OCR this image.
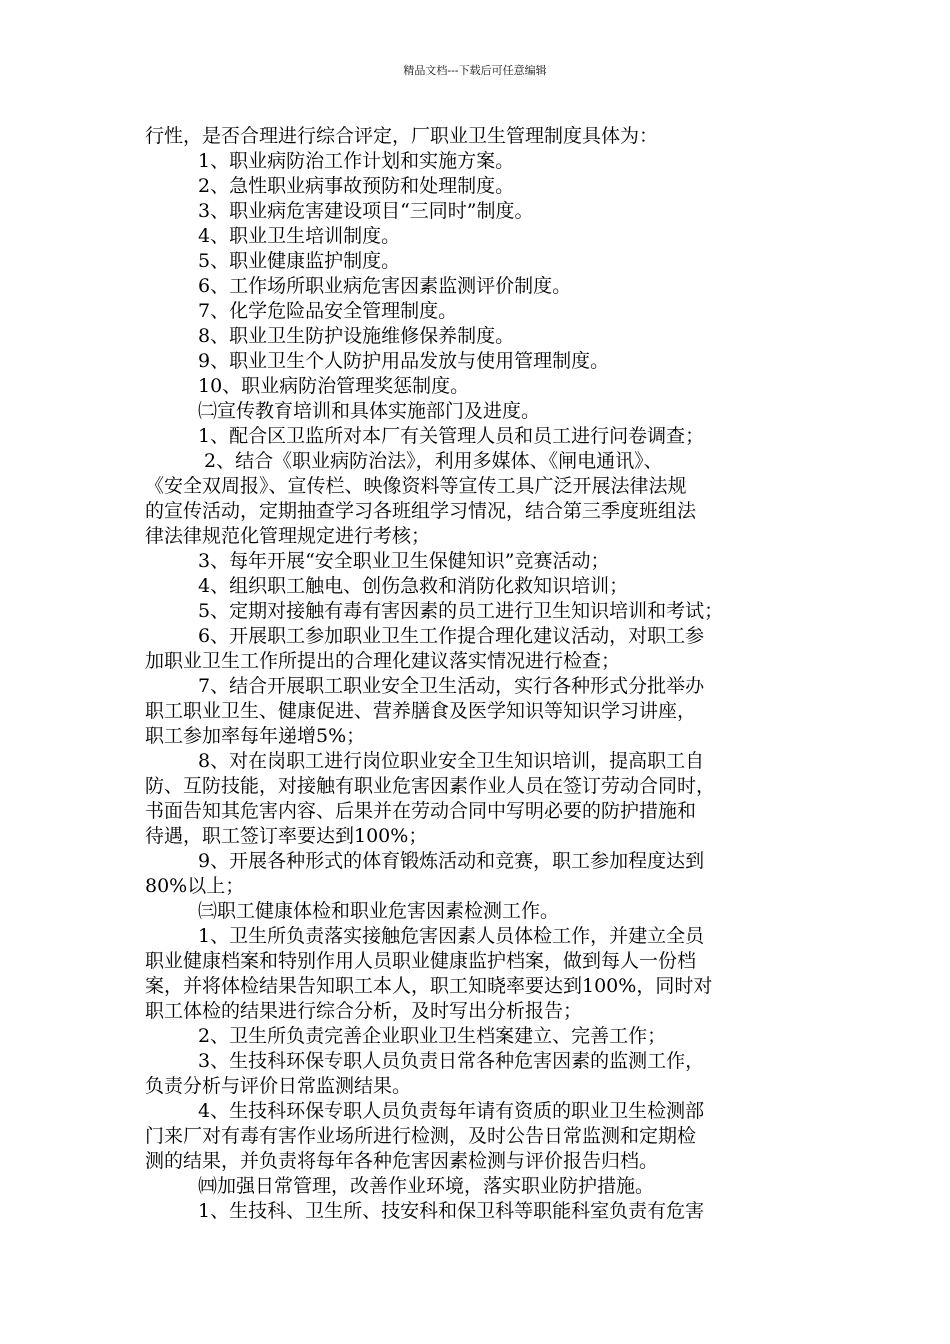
精品文档---下载后可任意编辑

行性，是否合理进行综合评定，厂职业卫生管理制度具体为：

1、职业病防治工作计划和实施方案。

2、急性职业病事故预防和处理制度。

3、职业病危害建设项目“三同时”制度。

4、职业卫生培训制度。

5、职业健康监护制度。

6、工作场所职业病危害因素监测评价制度。

7、化学危险品安全管理制度。

8、职业卫生防护设施维修保养制度。

9、职业卫生个人防护用品发放与使用管理制度。

10、职业病防治管理奖惩制度。

㈡宣传教育培训和具体实施部门及进度。

1、配合区卫监所对本厂有关管理人员和员工进行问卷调查；

2、结合《职业病防治法》，利用多媒体、《闸电通讯》、

《安全双周报》、宣传栏、映像资料等宣传工具广泛开展法律法规

的宣传活动，定期抽查学习各班组学习情况，结合第三季度班组法

律法律规范化管理规定进行考核；

3、每年开展“安全职业卫生保健知识”竞赛活动；

4、组织职工触电、创伤急救和消防化救知识培训；

5、定期对接触有毒有害因素的员工进行卫生知识培训和考试；

6、开展职工参加职业卫生工作提合理化建议活动，对职工参

加职业卫生工作所提出的合理化建议落实情况进行检查；

7、结合开展职工职业安全卫生活动，实行各种形式分批举办

职工职业卫生、健康促进、营养膳食及医学知识等知识学习讲座，

职工参加率每年递增5%；

8、对在岗职工进行岗位职业安全卫生知识培训，提高职工自

防、互防技能，对接触有职业危害因素作业人员在签订劳动合同时，

书面告知其危害内容、后果并在劳动合同中写明必要的防护措施和

待遇，职工签订率要达到100%；

9、开展各种形式的体育锻炼活动和竞赛，职工参加程度达到

80%以上；

㈢职工健康体检和职业危害因素检测工作。

1、卫生所负责落实接触危害因素人员体检工作，并建立全员

职业健康档案和特别作用人员职业健康监护档案，做到每人一份档

案，并将体检结果告知职工本人，职工知晓率要达到100%，同时对

职工体检的结果进行综合分析，及时写出分析报告；

2、卫生所负责完善企业职业卫生档案建立、完善工作；

3、生技科环保专职人员负责日常各种危害因素的监测工作，

负责分析与评价日常监测结果。

4、生技科环保专职人员负责每年请有资质的职业卫生检测部

门来厂对有毒有害作业场所进行检测，及时公告日常监测和定期检

测的结果，并负责将每年各种危害因素检测与评价报告归档。

㈣加强日常管理，改善作业环境，落实职业防护措施。

1、生技科、卫生所、技安科和保卫科等职能科室负责有危害
